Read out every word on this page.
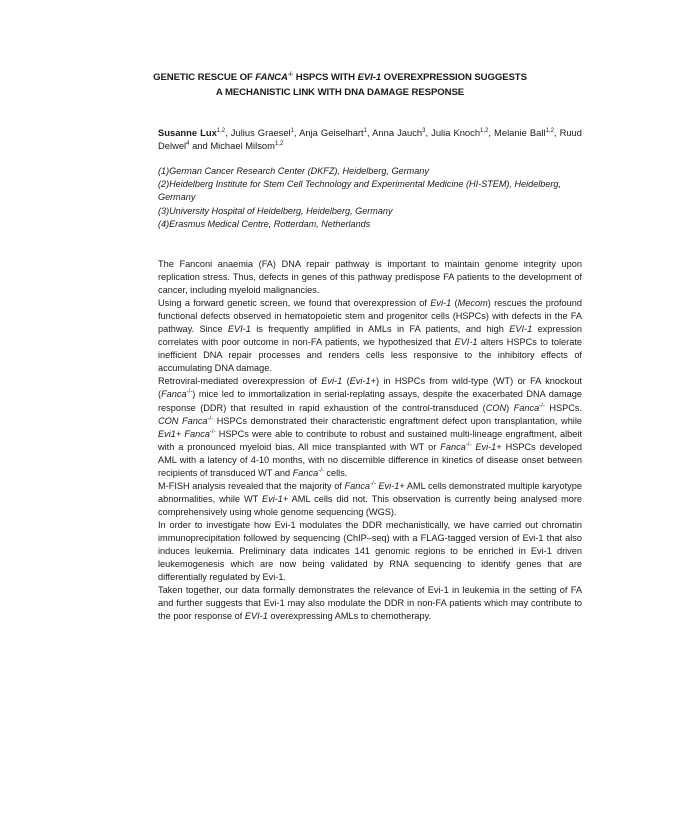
GENETIC RESCUE OF FANCA-/- HSPCS WITH EVI-1 OVEREXPRESSION SUGGESTS A MECHANISTIC LINK WITH DNA DAMAGE RESPONSE
Susanne Lux$^{1,2}$, Julius Graesel$^1$, Anja Geiselhart$^1$, Anna Jauch$^3$, Julia Knoch$^{1,2}$, Melanie Ball$^{1,2}$, Ruud Delwel$^4$ and Michael Milsom$^{1,2}$
(1)German Cancer Research Center (DKFZ), Heidelberg, Germany
(2)Heidelberg Institute for Stem Cell Technology and Experimental Medicine (HI-STEM), Heidelberg, Germany
(3)University Hospital of Heidelberg, Heidelberg, Germany
(4)Erasmus Medical Centre, Rotterdam, Netherlands

The Fanconi anaemia (FA) DNA repair pathway is important to maintain genome integrity upon replication stress. Thus, defects in genes of this pathway predispose FA patients to the development of cancer, including myeloid malignancies.

Using a forward genetic screen, we found that overexpression of Evi-1 (Mecom) rescues the profound functional defects observed in hematopoietic stem and progenitor cells (HSPCs) with defects in the FA pathway. Since EVI-1 is frequently amplified in AMLs in FA patients, and high EVI-1 expression correlates with poor outcome in non-FA patients, we hypothesized that EVI-1 alters HSPCs to tolerate inefficient DNA repair processes and renders cells less responsive to the inhibitory effects of accumulating DNA damage.

Retroviral-mediated overexpression of Evi-1 (Evi-1+) in HSPCs from wild-type (WT) or FA knockout (Fanca-/-) mice led to immortalization in serial-replating assays, despite the exacerbated DNA damage response (DDR) that resulted in rapid exhaustion of the control-transduced (CON) Fanca-/- HSPCs. CON Fanca-/- HSPCs demonstrated their characteristic engraftment defect upon transplantation, while Evi1+ Fanca-/- HSPCs were able to contribute to robust and sustained multi-lineage engraftment, albeit with a pronounced myeloid bias. All mice transplanted with WT or Fanca-/- Evi-1+ HSPCs developed AML with a latency of 4-10 months, with no discernible difference in kinetics of disease onset between recipients of transduced WT and Fanca-/- cells.

M-FISH analysis revealed that the majority of Fanca-/- Evi-1+ AML cells demonstrated multiple karyotype abnormalities, while WT Evi-1+ AML cells did not. This observation is currently being analysed more comprehensively using whole genome sequencing (WGS).

In order to investigate how Evi-1 modulates the DDR mechanistically, we have carried out chromatin immunoprecipitation followed by sequencing (ChIP–seq) with a FLAG-tagged version of Evi-1 that also induces leukemia. Preliminary data indicates 141 genomic regions to be enriched in Evi-1 driven leukemogenesis which are now being validated by RNA sequencing to identify genes that are differentially regulated by Evi-1.

Taken together, our data formally demonstrates the relevance of Evi-1 in leukemia in the setting of FA and further suggests that Evi-1 may also modulate the DDR in non-FA patients which may contribute to the poor response of EVI-1 overexpressing AMLs to chemotherapy.
